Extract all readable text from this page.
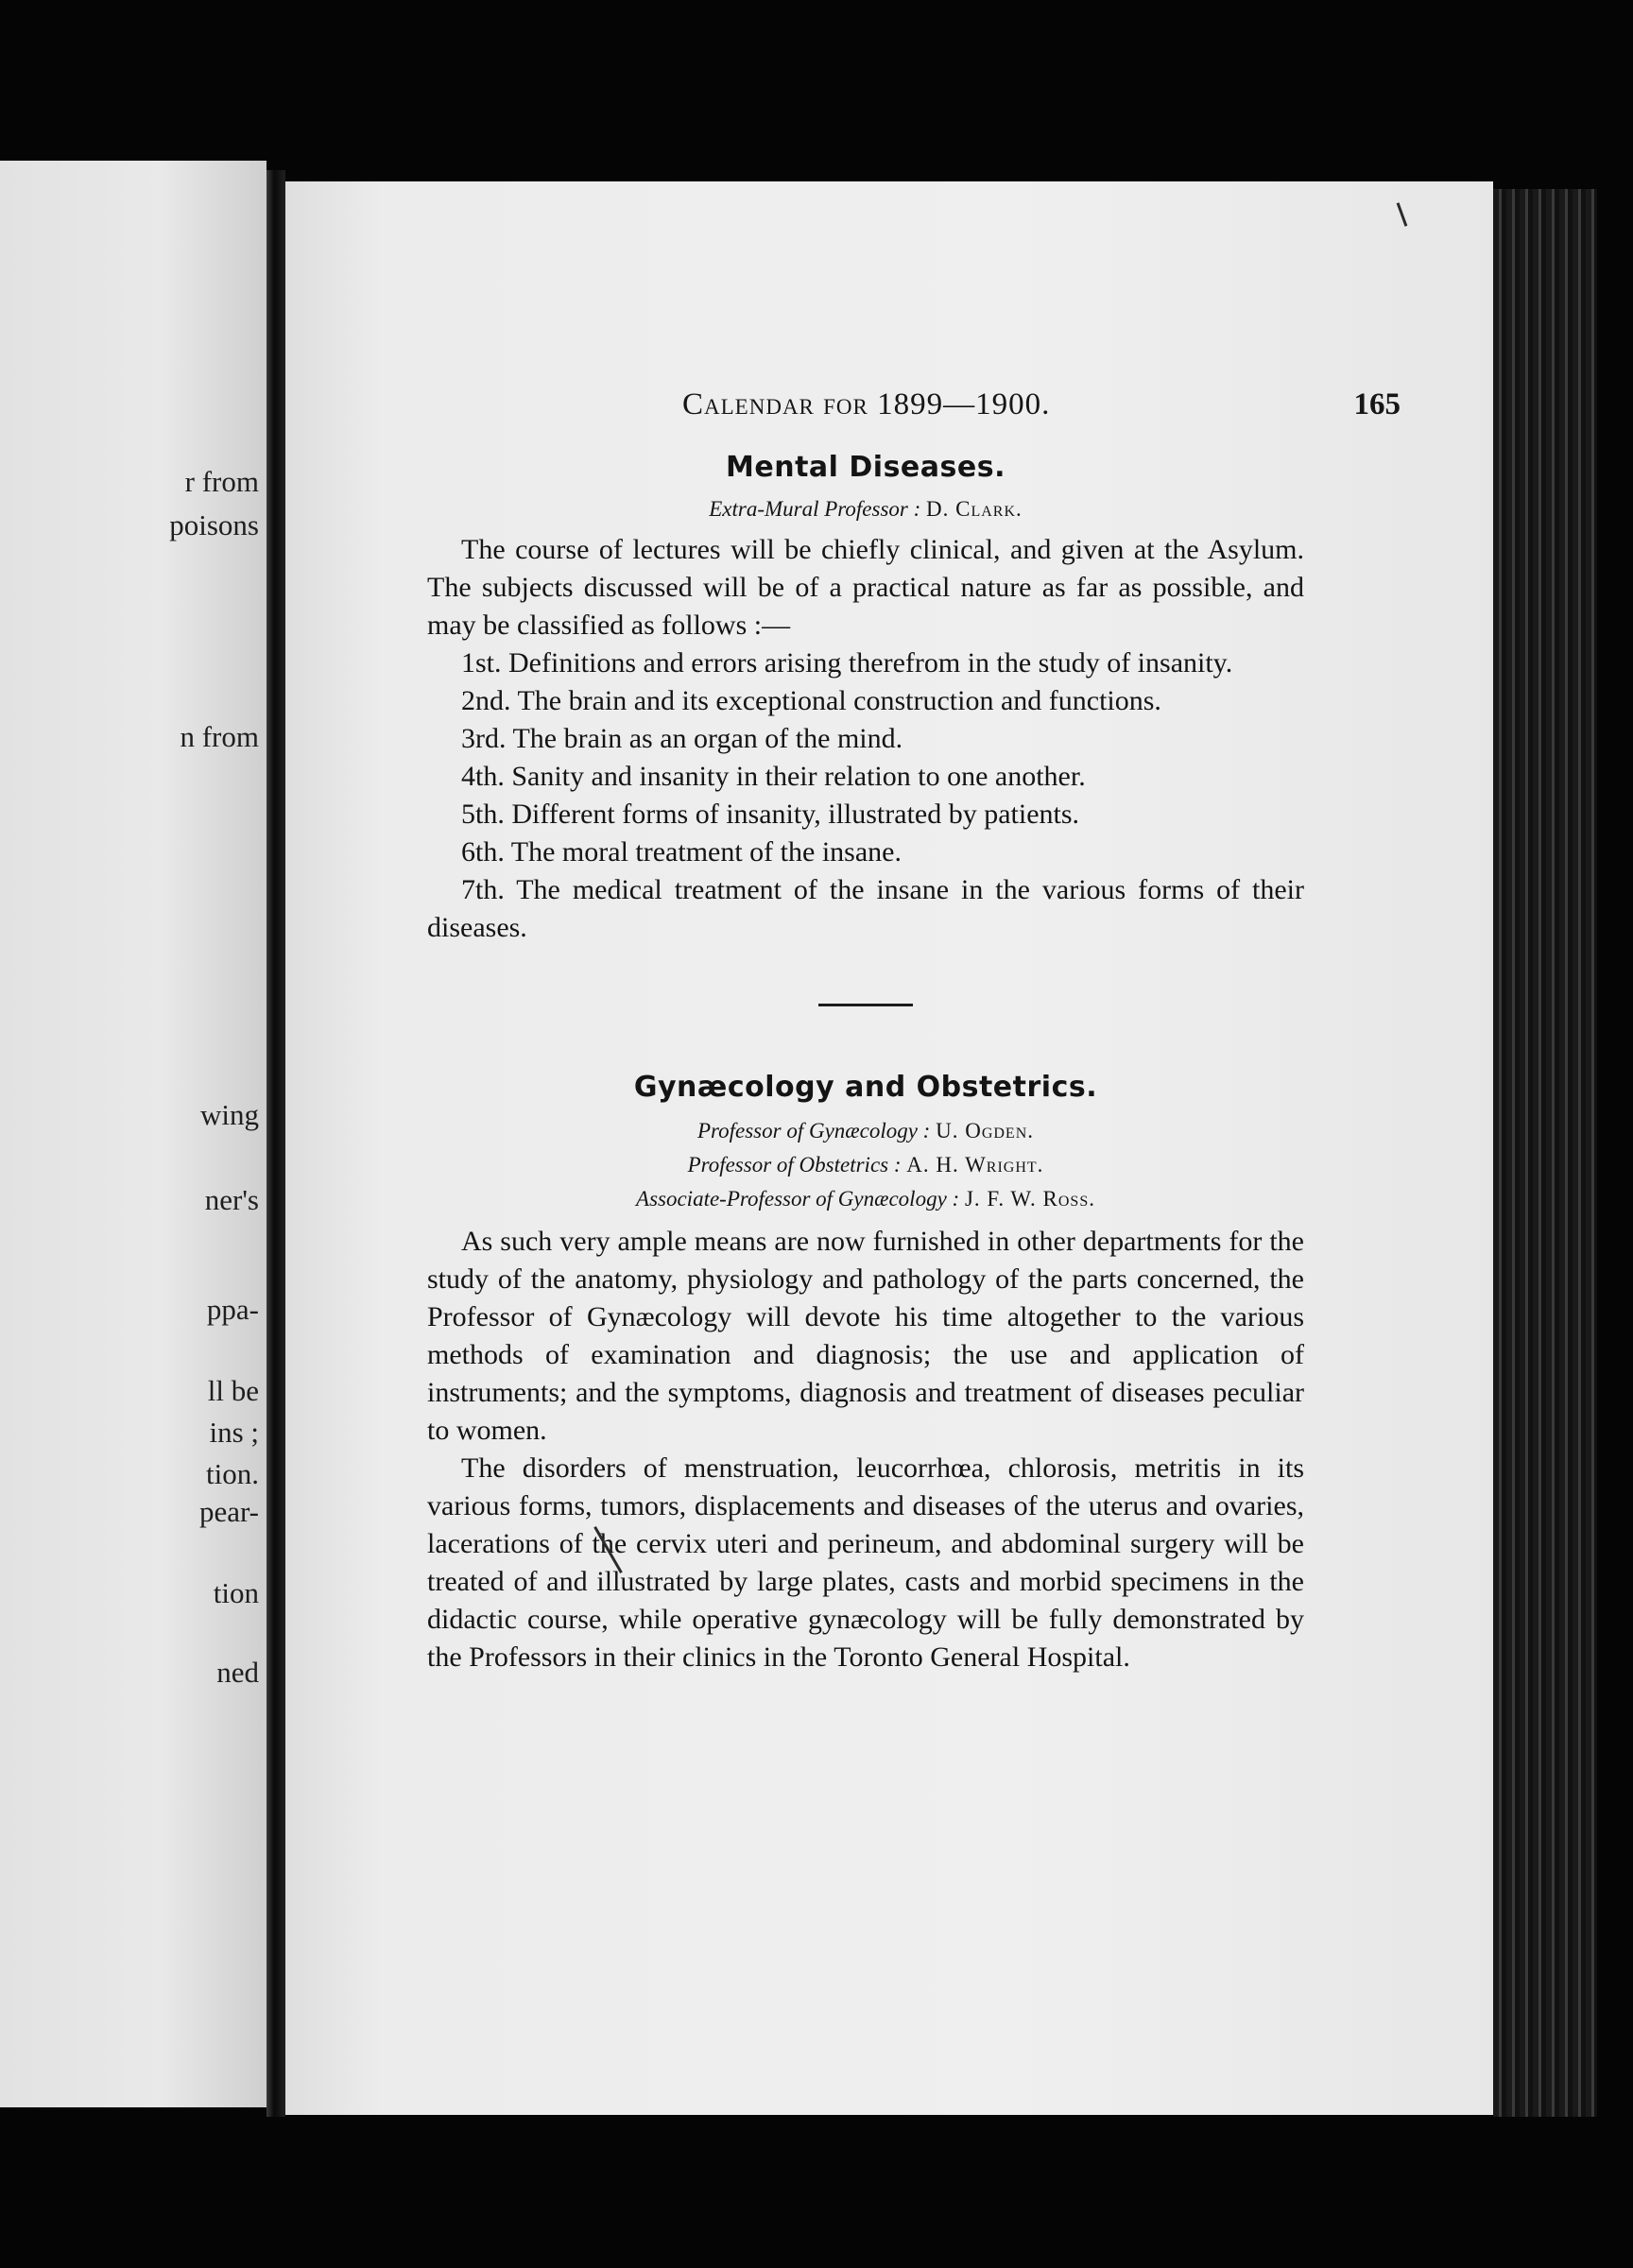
r from
poisons
n from
wing
ner's
ppa-
ll be
ins ;
tion.
pear-
tion
ned
Calendar for 1899—1900.	165
Mental Diseases.

Extra-Mural Professor : D. Clark.

The course of lectures will be chiefly clinical, and given at the Asylum. The subjects discussed will be of a practical nature as far as possible, and may be classified as follows :—

1st. Definitions and errors arising therefrom in the study of insanity.
2nd. The brain and its exceptional construction and functions.
3rd. The brain as an organ of the mind.
4th. Sanity and insanity in their relation to one another.
5th. Different forms of insanity, illustrated by patients.
6th. The moral treatment of the insane.
7th. The medical treatment of the insane in the various forms of their diseases.
Gynæcology and Obstetrics.

Professor of Gynæcology : U. Ogden.

Professor of Obstetrics : A. H. Wright.

Associate-Professor of Gynæcology : J. F. W. Ross.

As such very ample means are now furnished in other departments for the study of the anatomy, physiology and pathology of the parts concerned, the Professor of Gynæcology will devote his time altogether to the various methods of examination and diagnosis; the use and application of instruments; and the symptoms, diagnosis and treatment of diseases peculiar to women.

The disorders of menstruation, leucorrhœa, chlorosis, metritis in its various forms, tumors, displacements and diseases of the uterus and ovaries, lacerations of the cervix uteri and perineum, and abdominal surgery will be treated of and illustrated by large plates, casts and morbid specimens in the didactic course, while operative gynæcology will be fully demonstrated by the Professors in their clinics in the Toronto General Hospital.
